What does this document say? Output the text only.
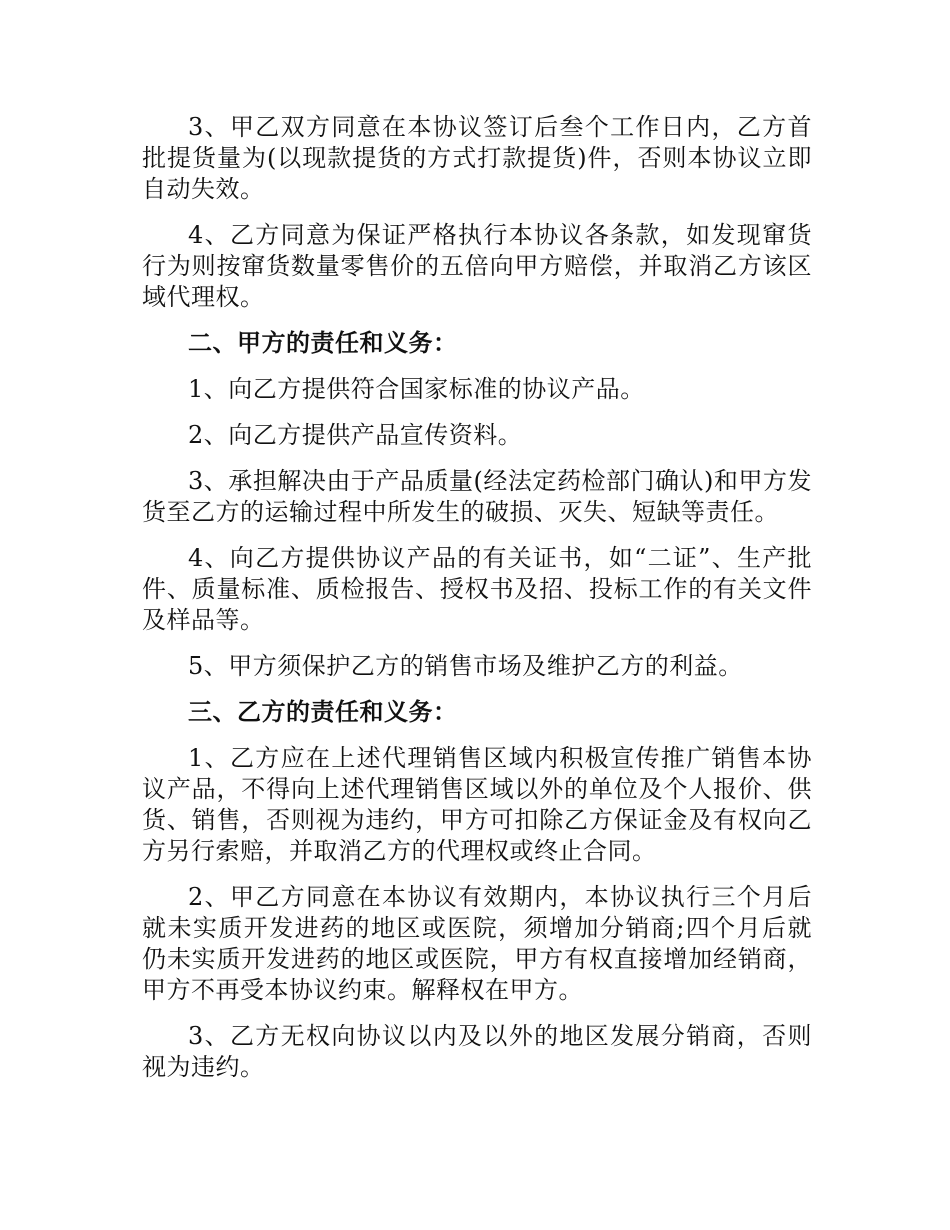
3、甲乙双方同意在本协议签订后叁个工作日内，乙方首批提货量为(以现款提货的方式打款提货)件，否则本协议立即自动失效。

4、乙方同意为保证严格执行本协议各条款，如发现窜货行为则按窜货数量零售价的五倍向甲方赔偿，并取消乙方该区域代理权。

二、甲方的责任和义务：

1、向乙方提供符合国家标准的协议产品。

2、向乙方提供产品宣传资料。

3、承担解决由于产品质量(经法定药检部门确认)和甲方发货至乙方的运输过程中所发生的破损、灭失、短缺等责任。

4、向乙方提供协议产品的有关证书，如“二证”、生产批件、质量标准、质检报告、授权书及招、投标工作的有关文件及样品等。

5、甲方须保护乙方的销售市场及维护乙方的利益。

三、乙方的责任和义务：

1、乙方应在上述代理销售区域内积极宣传推广销售本协议产品，不得向上述代理销售区域以外的单位及个人报价、供货、销售，否则视为违约，甲方可扣除乙方保证金及有权向乙方另行索赔，并取消乙方的代理权或终止合同。

2、甲乙方同意在本协议有效期内，本协议执行三个月后就未实质开发进药的地区或医院，须增加分销商;四个月后就仍未实质开发进药的地区或医院，甲方有权直接增加经销商，甲方不再受本协议约束。解释权在甲方。

3、乙方无权向协议以内及以外的地区发展分销商，否则视为违约。
